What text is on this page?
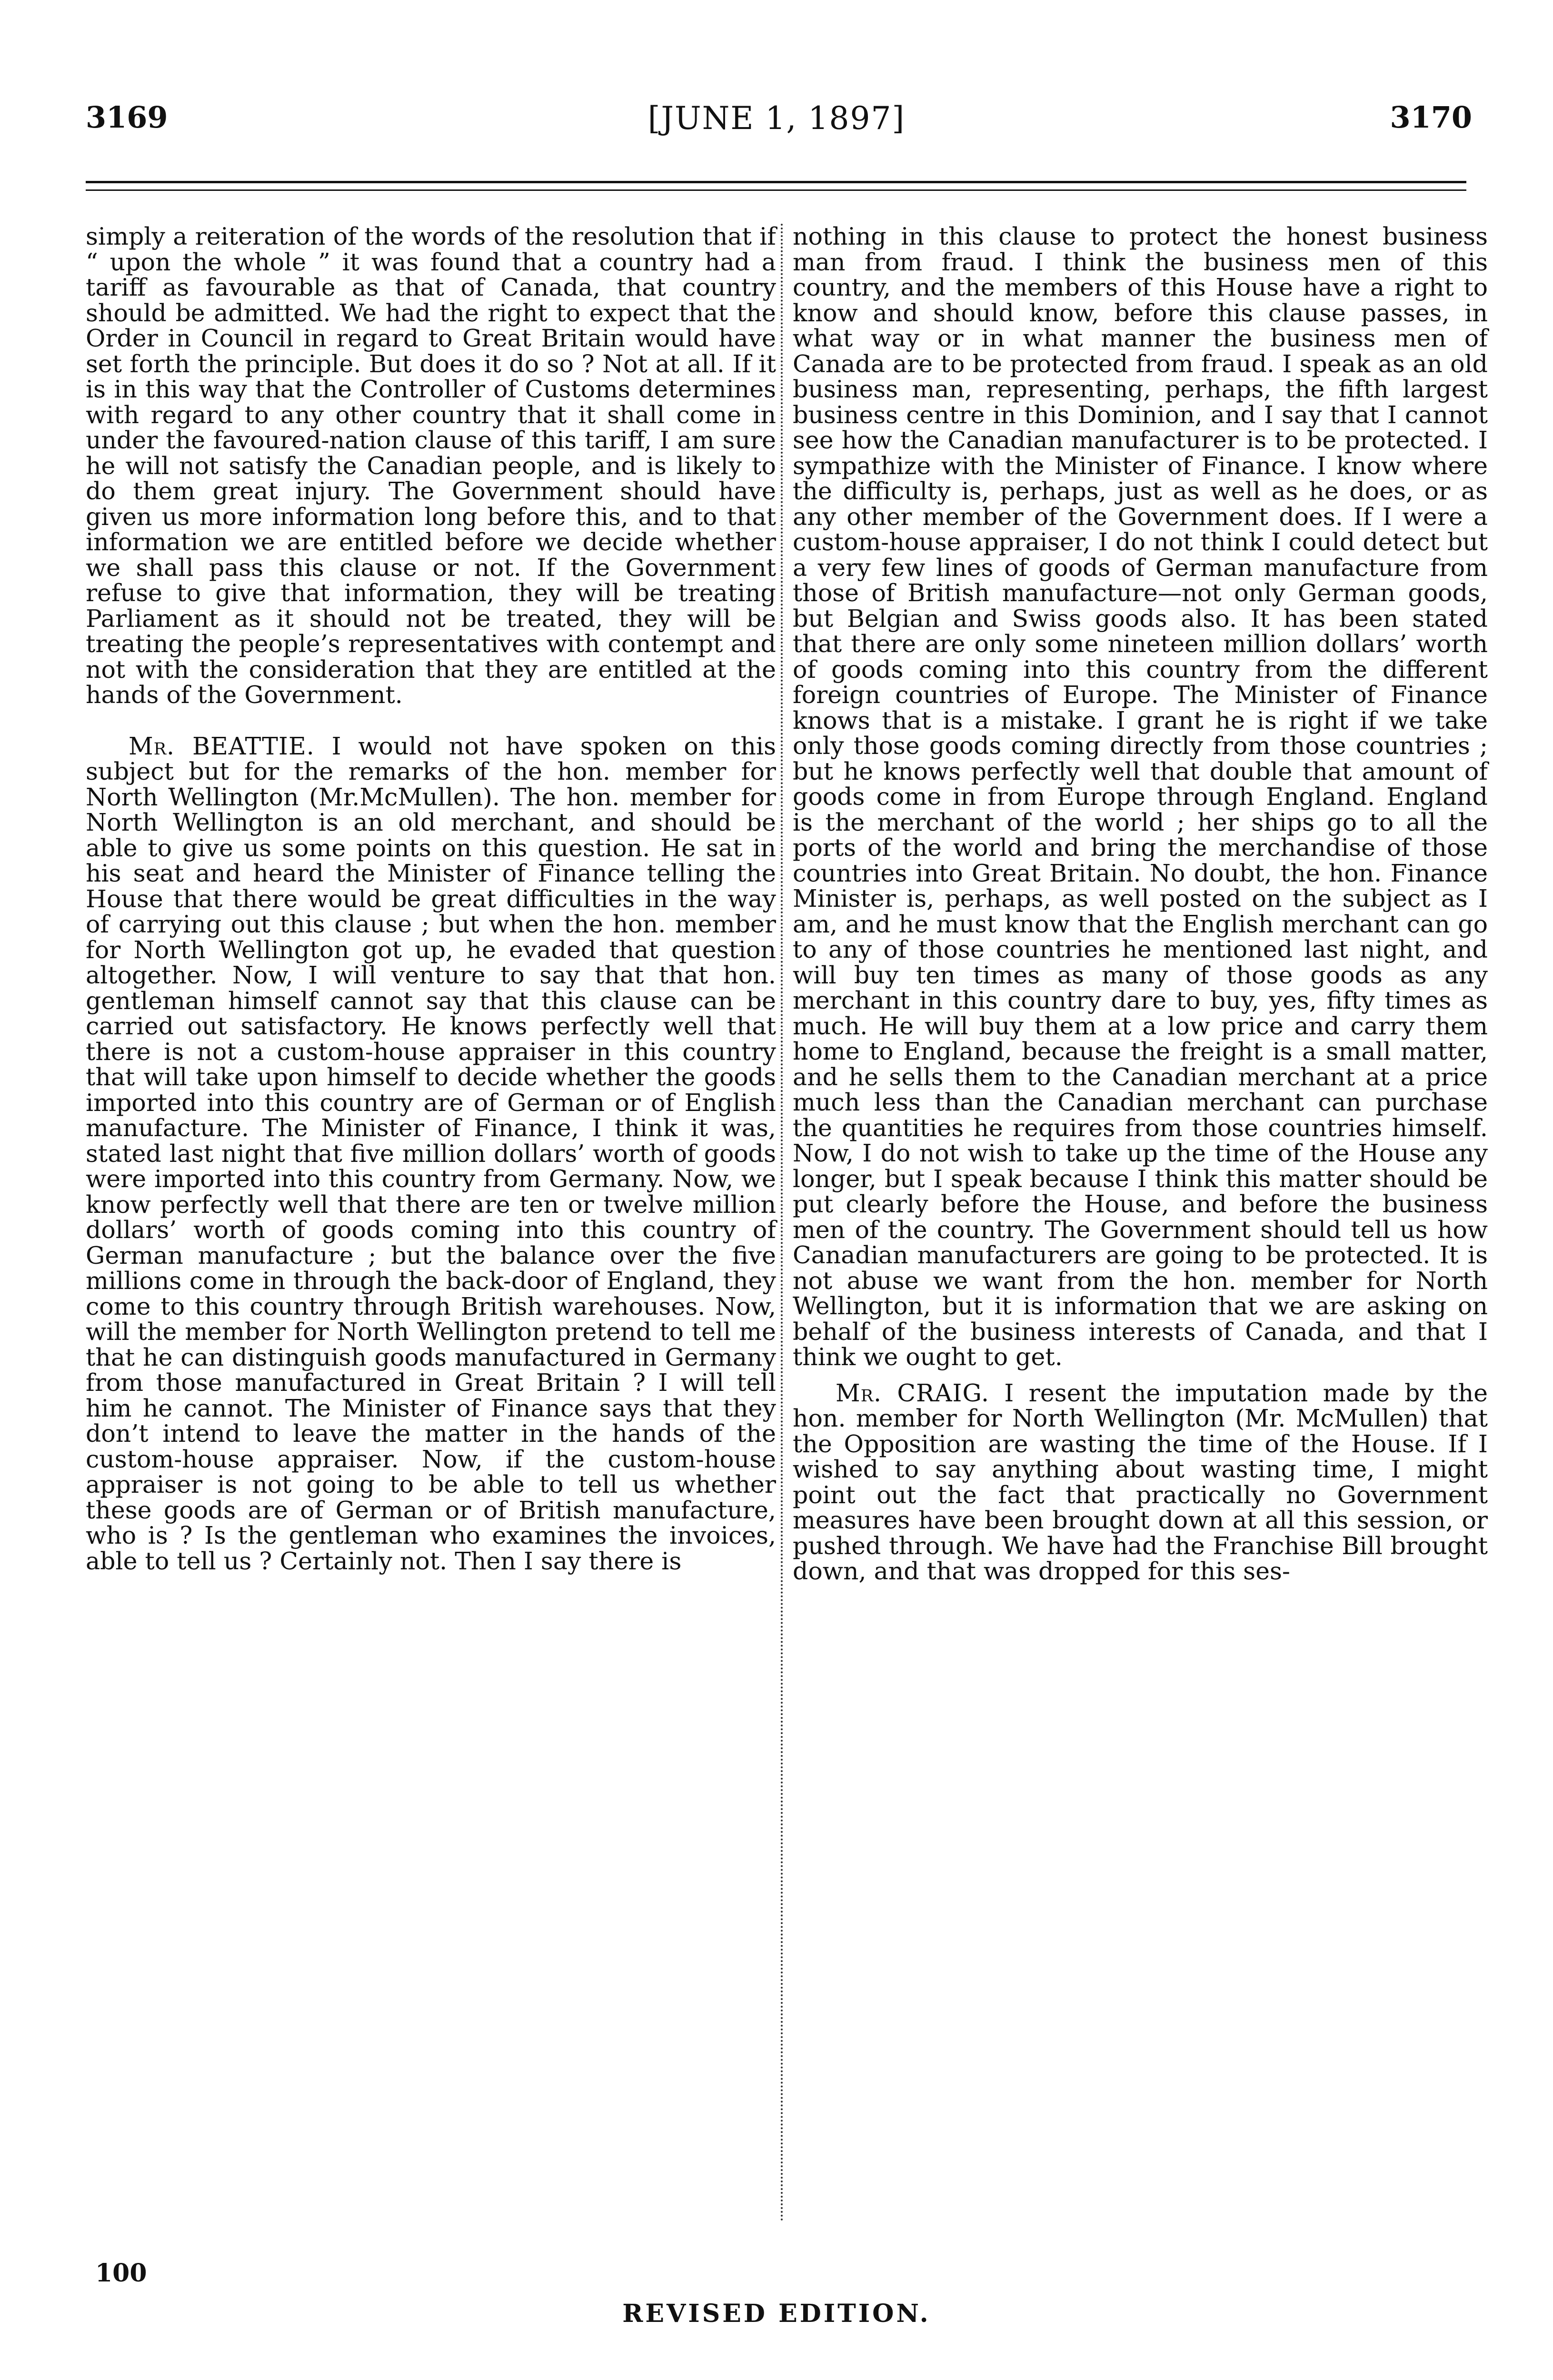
3169	[JUNE 1, 1897]	3170

simply a reiteration of the words of the resolution that if “ upon the whole ” it was found that a country had a tariff as favourable as that of Canada, that country should be admitted. We had the right to expect that the Order in Council in regard to Great Britain would have set forth the principle. But does it do so ? Not at all. If it is in this way that the Controller of Customs determines with regard to any other country that it shall come in under the favoured-nation clause of this tariff, I am sure he will not satisfy the Canadian people, and is likely to do them great injury. The Government should have given us more information long before this, and to that information we are entitled before we decide whether we shall pass this clause or not. If the Government refuse to give that information, they will be treating Parliament as it should not be treated, they will be treating the people’s representatives with contempt and not with the consideration that they are entitled at the hands of the Government.

Mr. BEATTIE. I would not have spoken on this subject but for the remarks of the hon. member for North Wellington (Mr.McMullen). The hon. member for North Wellington is an old merchant, and should be able to give us some points on this question. He sat in his seat and heard the Minister of Finance telling the House that there would be great difficulties in the way of carrying out this clause ; but when the hon. member for North Wellington got up, he evaded that question altogether. Now, I will venture to say that that hon. gentleman himself cannot say that this clause can be carried out satisfactory. He knows perfectly well that there is not a custom-house appraiser in this country that will take upon himself to decide whether the goods imported into this country are of German or of English manufacture. The Minister of Finance, I think it was, stated last night that five million dollars’ worth of goods were imported into this country from Germany. Now, we know perfectly well that there are ten or twelve million dollars’ worth of goods coming into this country of German manufacture ; but the balance over the five millions come in through the back-door of England, they come to this country through British warehouses. Now, will the member for North Wellington pretend to tell me that he can distinguish goods manufactured in Germany from those manufactured in Great Britain ? I will tell him he cannot. The Minister of Finance says that they don’t intend to leave the matter in the hands of the custom-house appraiser. Now, if the custom-house appraiser is not going to be able to tell us whether these goods are of German or of British manufacture, who is ? Is the gentleman who examines the invoices, able to tell us ? Certainly not. Then I say there is

nothing in this clause to protect the honest business man from fraud. I think the business men of this country, and the members of this House have a right to know and should know, before this clause passes, in what way or in what manner the business men of Canada are to be protected from fraud. I speak as an old business man, representing, perhaps, the fifth largest business centre in this Dominion, and I say that I cannot see how the Canadian manufacturer is to be protected. I sympathize with the Minister of Finance. I know where the difficulty is, perhaps, just as well as he does, or as any other member of the Government does. If I were a custom-house appraiser, I do not think I could detect but a very few lines of goods of German manufacture from those of British manufacture—not only German goods, but Belgian and Swiss goods also. It has been stated that there are only some nineteen million dollars’ worth of goods coming into this country from the different foreign countries of Europe. The Minister of Finance knows that is a mistake. I grant he is right if we take only those goods coming directly from those countries ; but he knows perfectly well that double that amount of goods come in from Europe through England. England is the merchant of the world ; her ships go to all the ports of the world and bring the merchandise of those countries into Great Britain. No doubt, the hon. Finance Minister is, perhaps, as well posted on the subject as I am, and he must know that the English merchant can go to any of those countries he mentioned last night, and will buy ten times as many of those goods as any merchant in this country dare to buy, yes, fifty times as much. He will buy them at a low price and carry them home to England, because the freight is a small matter, and he sells them to the Canadian merchant at a price much less than the Canadian merchant can purchase the quantities he requires from those countries himself. Now, I do not wish to take up the time of the House any longer, but I speak because I think this matter should be put clearly before the House, and before the business men of the country. The Government should tell us how Canadian manufacturers are going to be protected. It is not abuse we want from the hon. member for North Wellington, but it is information that we are asking on behalf of the business interests of Canada, and that I think we ought to get.

Mr. CRAIG. I resent the imputation made by the hon. member for North Wellington (Mr. McMullen) that the Opposition are wasting the time of the House. If I wished to say anything about wasting time, I might point out the fact that practically no Government measures have been brought down at all this session, or pushed through. We have had the Franchise Bill brought down, and that was dropped for this ses-

100
REVISED EDITION.
